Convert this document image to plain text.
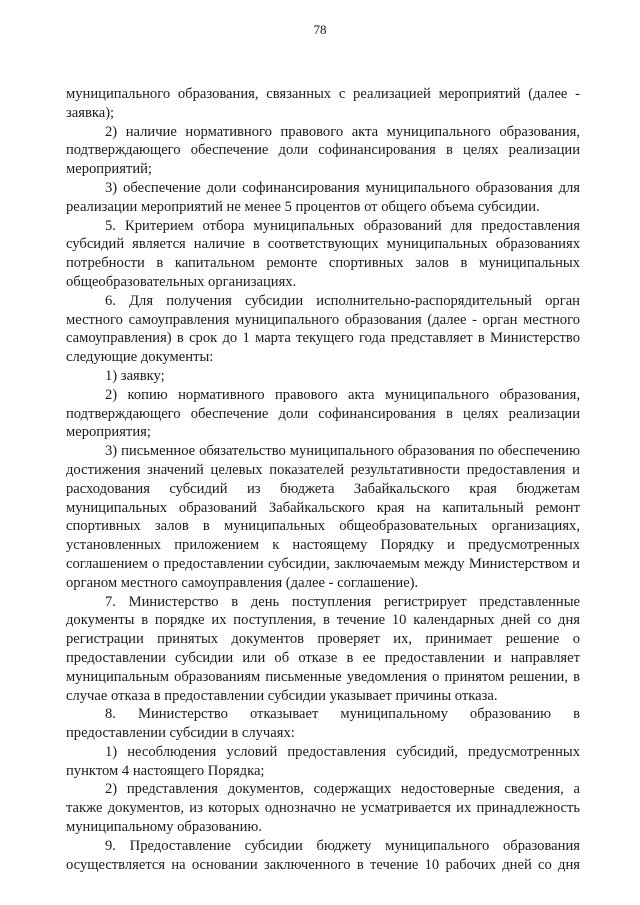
78

муниципального образования, связанных с реализацией мероприятий (далее - заявка);

2) наличие нормативного правового акта муниципального образования, подтверждающего обеспечение доли софинансирования в целях реализации мероприятий;

3) обеспечение доли софинансирования муниципального образования для реализации мероприятий не менее 5 процентов от общего объема субсидии.

5. Критерием отбора муниципальных образований для предоставления субсидий является наличие в соответствующих муниципальных образованиях потребности в капитальном ремонте спортивных залов в муниципальных общеобразовательных организациях.

6. Для получения субсидии исполнительно-распорядительный орган местного самоуправления муниципального образования (далее - орган местного самоуправления) в срок до 1 марта текущего года представляет в Министерство следующие документы:

1) заявку;

2) копию нормативного правового акта муниципального образования, подтверждающего обеспечение доли софинансирования в целях реализации мероприятия;

3) письменное обязательство муниципального образования по обеспечению достижения значений целевых показателей результативности предоставления и расходования субсидий из бюджета Забайкальского края бюджетам муниципальных образований Забайкальского края на капитальный ремонт спортивных залов в муниципальных общеобразовательных организациях, установленных приложением к настоящему Порядку и предусмотренных соглашением о предоставлении субсидии, заключаемым между Министерством и органом местного самоуправления (далее - соглашение).

7. Министерство в день поступления регистрирует представленные документы в порядке их поступления, в течение 10 календарных дней со дня регистрации принятых документов проверяет их, принимает решение о предоставлении субсидии или об отказе в ее предоставлении и направляет муниципальным образованиям письменные уведомления о принятом решении, в случае отказа в предоставлении субсидии указывает причины отказа.

8. Министерство отказывает муниципальному образованию в предоставлении субсидии в случаях:

1) несоблюдения условий предоставления субсидий, предусмотренных пунктом 4 настоящего Порядка;

2) представления документов, содержащих недостоверные сведения, а также документов, из которых однозначно не усматривается их принадлежность муниципальному образованию.

9. Предоставление субсидии бюджету муниципального образования осуществляется на основании заключенного в течение 10 рабочих дней со дня
